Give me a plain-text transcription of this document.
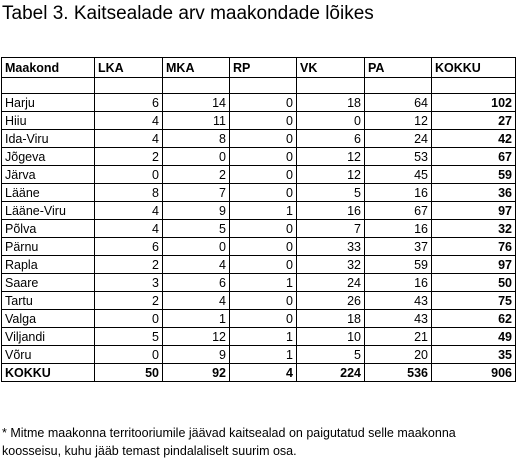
Tabel 3. Kaitsealade arv maakondade lõikes
Maakond	LKA	MKA	RP	VK	PA	KOKKU

Harju	6	14	0	18	64	102
Hiiu	4	11	0	0	12	27
Ida-Viru	4	8	0	6	24	42
Jõgeva	2	0	0	12	53	67
Järva	0	2	0	12	45	59
Lääne	8	7	0	5	16	36
Lääne-Viru	4	9	1	16	67	97
Põlva	4	5	0	7	16	32
Pärnu	6	0	0	33	37	76
Rapla	2	4	0	32	59	97
Saare	3	6	1	24	16	50
Tartu	2	4	0	26	43	75
Valga	0	1	0	18	43	62
Viljandi	5	12	1	10	21	49
Võru	0	9	1	5	20	35
KOKKU	50	92	4	224	536	906
* Mitme maakonna territooriumile jäävad kaitsealad on paigutatud selle maakonna koosseisu, kuhu jääb temast pindalaliselt suurim osa.
